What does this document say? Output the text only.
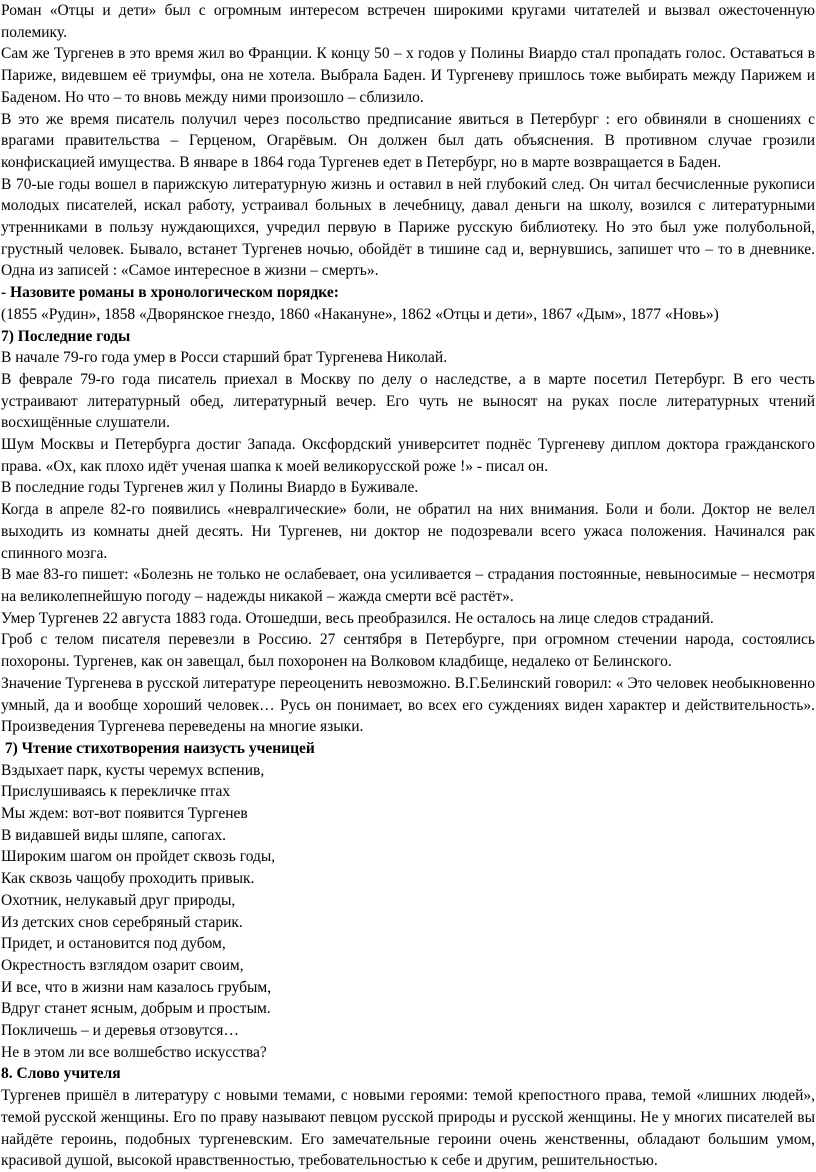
Роман «Отцы и дети» был с огромным интересом встречен широкими кругами читателей и вызвал ожесточенную полемику.

Сам же Тургенев в это время жил во Франции. К концу 50 – х годов у Полины Виардо стал пропадать голос. Оставаться в Париже, видевшем её триумфы, она не хотела. Выбрала Баден. И Тургеневу пришлось тоже выбирать между Парижем и Баденом. Но что – то вновь между ними произошло – сблизило.

В это же время писатель получил через посольство предписание явиться в Петербург : его обвиняли в сношениях с врагами правительства – Герценом, Огарёвым. Он должен был дать объяснения. В противном случае грозили конфискацией имущества. В январе в 1864 года Тургенев едет в Петербург, но в марте возвращается в Баден.

В 70-ые годы вошел в парижскую литературную жизнь и оставил в ней глубокий след. Он читал бесчисленные рукописи молодых писателей, искал работу, устраивал больных в лечебницу, давал деньги на школу, возился с литературными утренниками в пользу нуждающихся, учредил первую в Париже русскую библиотеку. Но это был уже полубольной, грустный человек. Бывало, встанет Тургенев ночью, обойдёт в тишине сад и, вернувшись, запишет что – то в дневнике. Одна из записей : «Самое интересное в жизни – смерть».

- Назовите романы в хронологическом порядке:

(1855 «Рудин», 1858 «Дворянское гнездо, 1860 «Накануне», 1862 «Отцы и дети», 1867 «Дым», 1877 «Новь»)

7) Последние годы

В начале 79-го года умер в Росси старший брат Тургенева Николай.

В феврале 79-го года писатель приехал в Москву по делу о наследстве, а в марте посетил Петербург. В его честь устраивают литературный обед, литературный вечер. Его чуть не выносят на руках после литературных чтений восхищённые слушатели.

Шум Москвы и Петербурга достиг Запада. Оксфордский университет поднёс Тургеневу диплом доктора гражданского права. «Ох, как плохо идёт ученая шапка к моей великорусской роже !» - писал он.

В последние годы Тургенев жил у Полины Виардо в Буживале.

Когда в апреле 82-го появились «невралгические» боли, не обратил на них внимания. Боли и боли. Доктор не велел выходить из комнаты дней десять. Ни Тургенев, ни доктор не подозревали всего ужаса положения. Начинался рак спинного мозга.

В мае 83-го пишет: «Болезнь не только не ослабевает, она усиливается – страдания постоянные, невыносимые – несмотря на великолепнейшую погоду – надежды никакой – жажда смерти всё растёт».

Умер Тургенев 22 августа 1883 года. Отошедши, весь преобразился. Не осталось на лице следов страданий.

Гроб с телом писателя перевезли в Россию. 27 сентября в Петербурге, при огромном стечении народа, состоялись похороны. Тургенев, как он завещал, был похоронен на Волковом кладбище, недалеко от Белинского.

Значение Тургенева в русской литературе переоценить невозможно. В.Г.Белинский говорил: « Это человек необыкновенно умный, да и вообще хороший человек… Русь он понимает, во всех его суждениях виден характер и действительность». Произведения Тургенева переведены на многие языки.

7) Чтение стихотворения наизусть ученицей

Вздыхает парк, кусты черемух вспенив,

Прислушиваясь к перекличке птах

Мы ждем: вот-вот появится Тургенев

В видавшей виды шляпе, сапогах.

Широким шагом он пройдет сквозь годы,

Как сквозь чащобу проходить привык.

Охотник, нелукавый друг природы,

Из детских снов серебряный старик.

Придет, и остановится под дубом,

Окрестность взглядом озарит своим,

И все, что в жизни нам казалось грубым,

Вдруг станет ясным, добрым и простым.

Покличешь – и деревья отзовутся…

Не в этом ли все волшебство искусства?

8. Слово учителя

Тургенев пришёл в литературу с новыми темами, с новыми героями: темой крепостного права, темой «лишних людей», темой русской женщины. Его по праву называют певцом русской природы и русской женщины. Не у многих писателей вы найдёте героинь, подобных тургеневским. Его замечательные героини очень женственны, обладают большим умом, красивой душой, высокой нравственностью, требовательностью к себе и другим, решительностью.
